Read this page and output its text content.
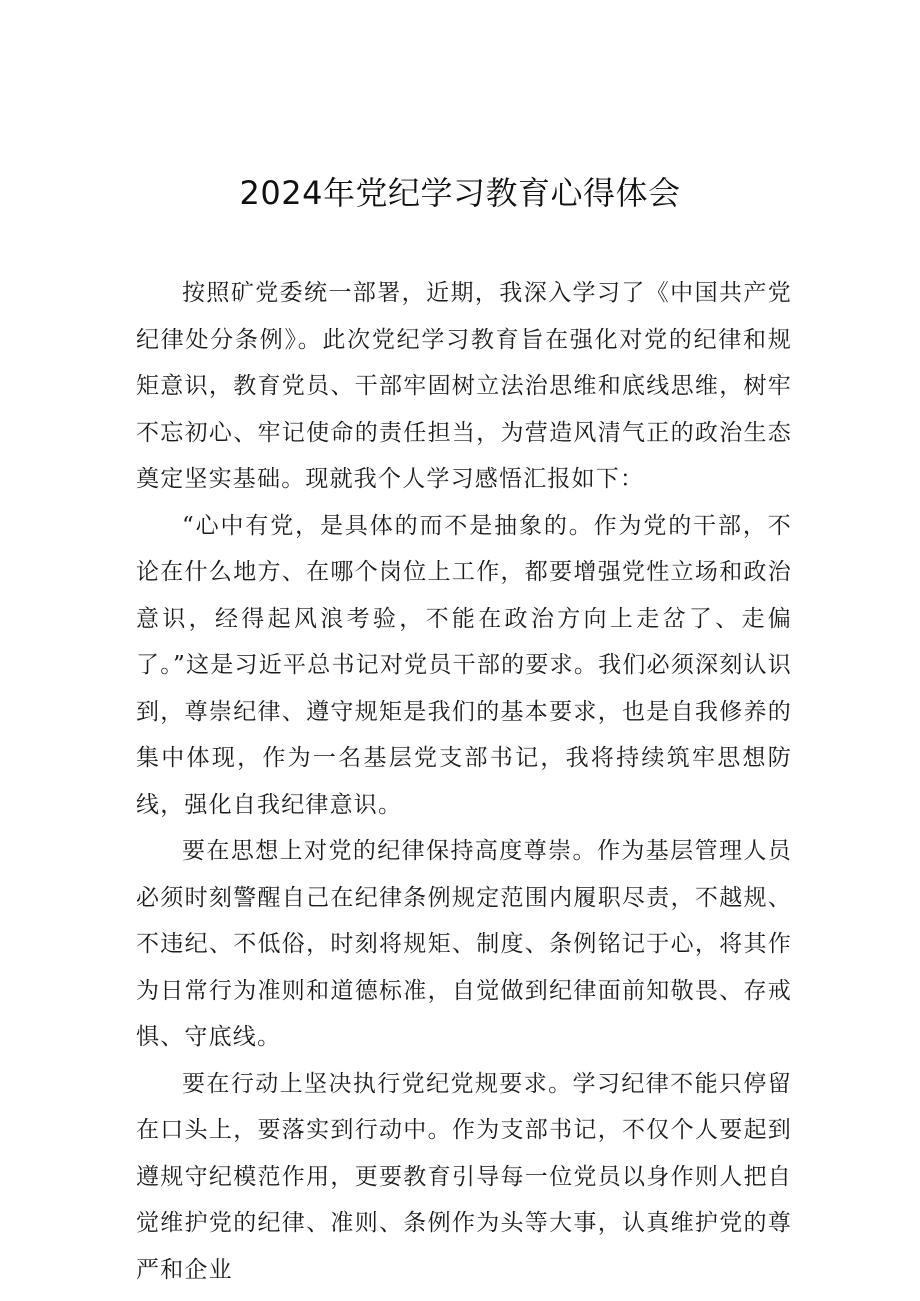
2024年党纪学习教育心得体会

按照矿党委统一部署，近期，我深入学习了《中国共产党纪律处分条例》。此次党纪学习教育旨在强化对党的纪律和规矩意识，教育党员、干部牢固树立法治思维和底线思维，树牢不忘初心、牢记使命的责任担当，为营造风清气正的政治生态奠定坚实基础。现就我个人学习感悟汇报如下：

“心中有党，是具体的而不是抽象的。作为党的干部，不论在什么地方、在哪个岗位上工作，都要增强党性立场和政治意识，经得起风浪考验，不能在政治方向上走岔了、走偏了。”这是习近平总书记对党员干部的要求。我们必须深刻认识到，尊崇纪律、遵守规矩是我们的基本要求，也是自我修养的集中体现，作为一名基层党支部书记，我将持续筑牢思想防线，强化自我纪律意识。

要在思想上对党的纪律保持高度尊崇。作为基层管理人员必须时刻警醒自己在纪律条例规定范围内履职尽责，不越规、不违纪、不低俗，时刻将规矩、制度、条例铭记于心，将其作为日常行为准则和道德标准，自觉做到纪律面前知敬畏、存戒惧、守底线。

要在行动上坚决执行党纪党规要求。学习纪律不能只停留在口头上，要落实到行动中。作为支部书记，不仅个人要起到遵规守纪模范作用，更要教育引导每一位党员以身作则人把自觉维护党的纪律、准则、条例作为头等大事，认真维护党的尊严和企业
